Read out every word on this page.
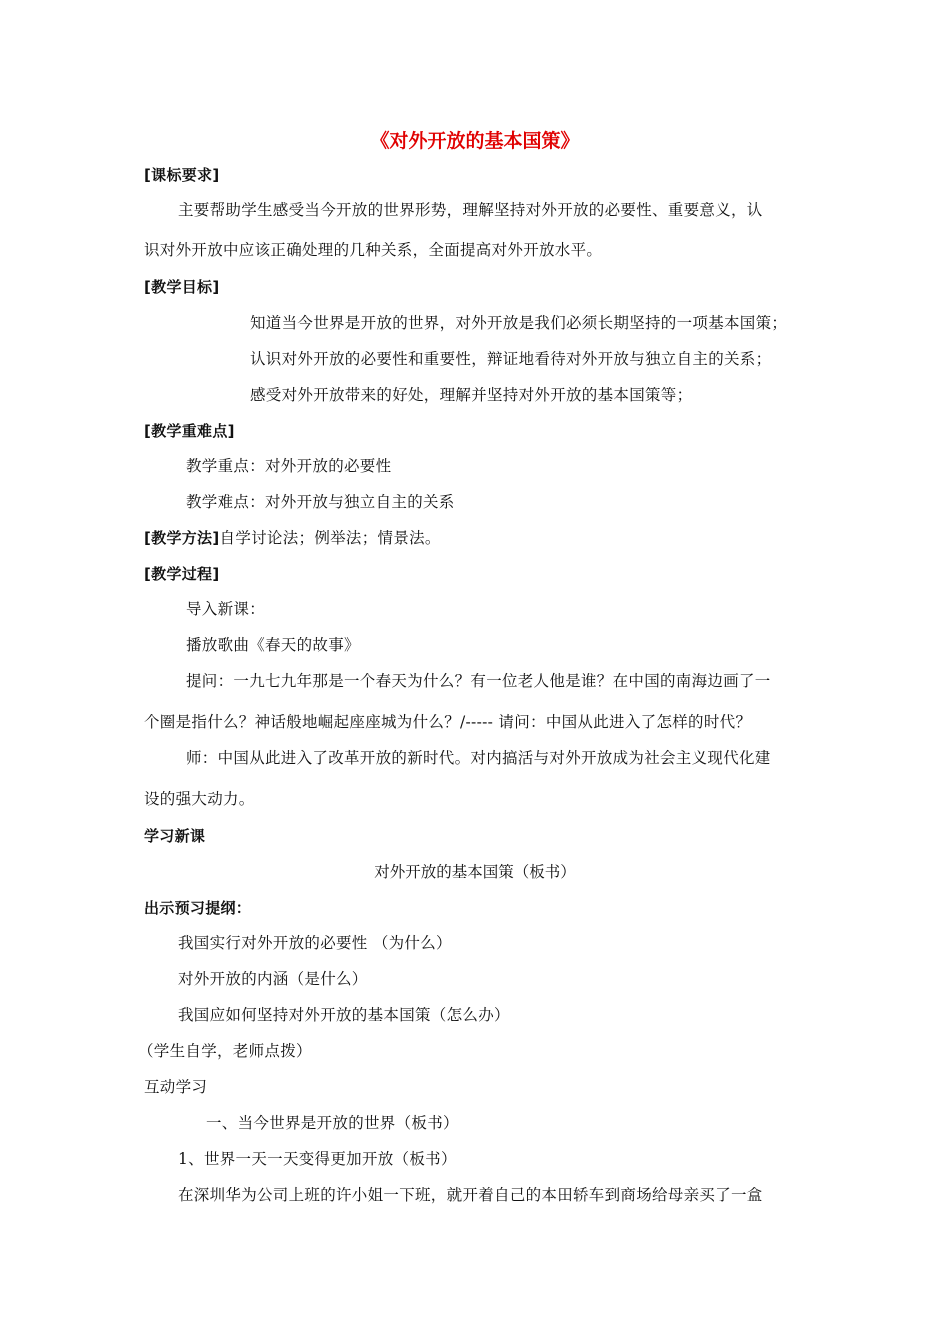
《对外开放的基本国策》
[课标要求]
主要帮助学生感受当今开放的世界形势，理解坚持对外开放的必要性、重要意义，认
识对外开放中应该正确处理的几种关系，全面提高对外开放水平。
[教学目标]
知道当今世界是开放的世界，对外开放是我们必须长期坚持的一项基本国策；
认识对外开放的必要性和重要性，辩证地看待对外开放与独立自主的关系；
感受对外开放带来的好处，理解并坚持对外开放的基本国策等；
[教学重难点]
教学重点：对外开放的必要性
教学难点：对外开放与独立自主的关系
[教学方法]自学讨论法；例举法；情景法。
[教学过程]
导入新课：
播放歌曲《春天的故事》
提问：一九七九年那是一个春天为什么？有一位老人他是谁？在中国的南海边画了一
个圈是指什么？神话般地崛起座座城为什么？/----- 请问：中国从此进入了怎样的时代？
师：中国从此进入了改革开放的新时代。对内搞活与对外开放成为社会主义现代化建
设的强大动力。
学习新课
对外开放的基本国策（板书）
出示预习提纲：
我国实行对外开放的必要性 （为什么）
对外开放的内涵（是什么）
我国应如何坚持对外开放的基本国策（怎么办）
（学生自学，老师点拨）
互动学习
一、当今世界是开放的世界（板书）
1、世界一天一天变得更加开放（板书）
在深圳华为公司上班的许小姐一下班，就开着自己的本田轿车到商场给母亲买了一盒
